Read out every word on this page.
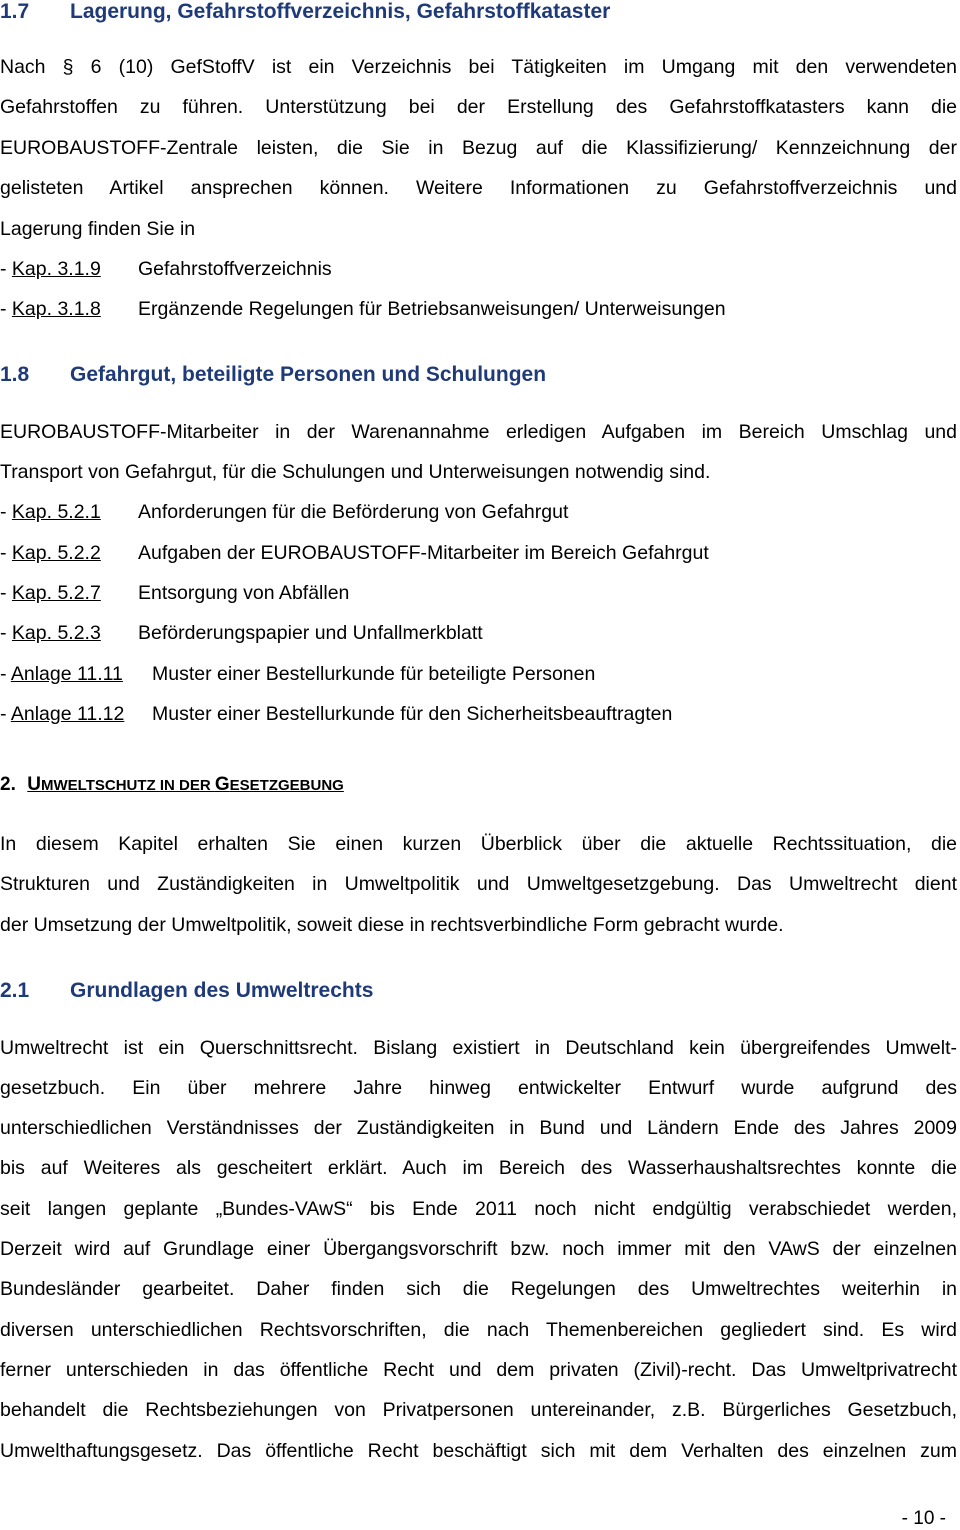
1.7 Lagerung, Gefahrstoffverzeichnis, Gefahrstoffkataster
Nach § 6 (10) GefStoffV ist ein Verzeichnis bei Tätigkeiten im Umgang mit den verwendeten
Gefahrstoffen zu führen. Unterstützung bei der Erstellung des Gefahrstoffkatasters kann die
EUROBAUSTOFF-Zentrale leisten, die Sie in Bezug auf die Klassifizierung/ Kennzeichnung der
gelisteten Artikel ansprechen können. Weitere Informationen zu Gefahrstoffverzeichnis und
Lagerung finden Sie in
- Kap. 3.1.9 Gefahrstoffverzeichnis
- Kap. 3.1.8 Ergänzende Regelungen für Betriebsanweisungen/ Unterweisungen
1.8 Gefahrgut, beteiligte Personen und Schulungen
EUROBAUSTOFF-Mitarbeiter in der Warenannahme erledigen Aufgaben im Bereich Umschlag und
Transport von Gefahrgut, für die Schulungen und Unterweisungen notwendig sind.
- Kap. 5.2.1 Anforderungen für die Beförderung von Gefahrgut
- Kap. 5.2.2 Aufgaben der EUROBAUSTOFF-Mitarbeiter im Bereich Gefahrgut
- Kap. 5.2.7 Entsorgung von Abfällen
- Kap. 5.2.3 Beförderungspapier und Unfallmerkblatt
- Anlage 11.11 Muster einer Bestellurkunde für beteiligte Personen
- Anlage 11.12 Muster einer Bestellurkunde für den Sicherheitsbeauftragten
2. UMWELTSCHUTZ IN DER GESETZGEBUNG
In diesem Kapitel erhalten Sie einen kurzen Überblick über die aktuelle Rechtssituation, die
Strukturen und Zuständigkeiten in Umweltpolitik und Umweltgesetzgebung. Das Umweltrecht dient
der Umsetzung der Umweltpolitik, soweit diese in rechtsverbindliche Form gebracht wurde.
2.1 Grundlagen des Umweltrechts
Umweltrecht ist ein Querschnittsrecht. Bislang existiert in Deutschland kein übergreifendes Umwelt-
gesetzbuch. Ein über mehrere Jahre hinweg entwickelter Entwurf wurde aufgrund des
unterschiedlichen Verständnisses der Zuständigkeiten in Bund und Ländern Ende des Jahres 2009
bis auf Weiteres als gescheitert erklärt. Auch im Bereich des Wasserhaushaltsrechtes konnte die
seit langen geplante „Bundes-VAwS“ bis Ende 2011 noch nicht endgültig verabschiedet werden,
Derzeit wird auf Grundlage einer Übergangsvorschrift bzw. noch immer mit den VAwS der einzelnen
Bundesländer gearbeitet. Daher finden sich die Regelungen des Umweltrechtes weiterhin in
diversen unterschiedlichen Rechtsvorschriften, die nach Themenbereichen gegliedert sind. Es wird
ferner unterschieden in das öffentliche Recht und dem privaten (Zivil)-recht. Das Umweltprivatrecht
behandelt die Rechtsbeziehungen von Privatpersonen untereinander, z.B. Bürgerliches Gesetzbuch,
Umwelthaftungsgesetz. Das öffentliche Recht beschäftigt sich mit dem Verhalten des einzelnen zum
- 10 -
